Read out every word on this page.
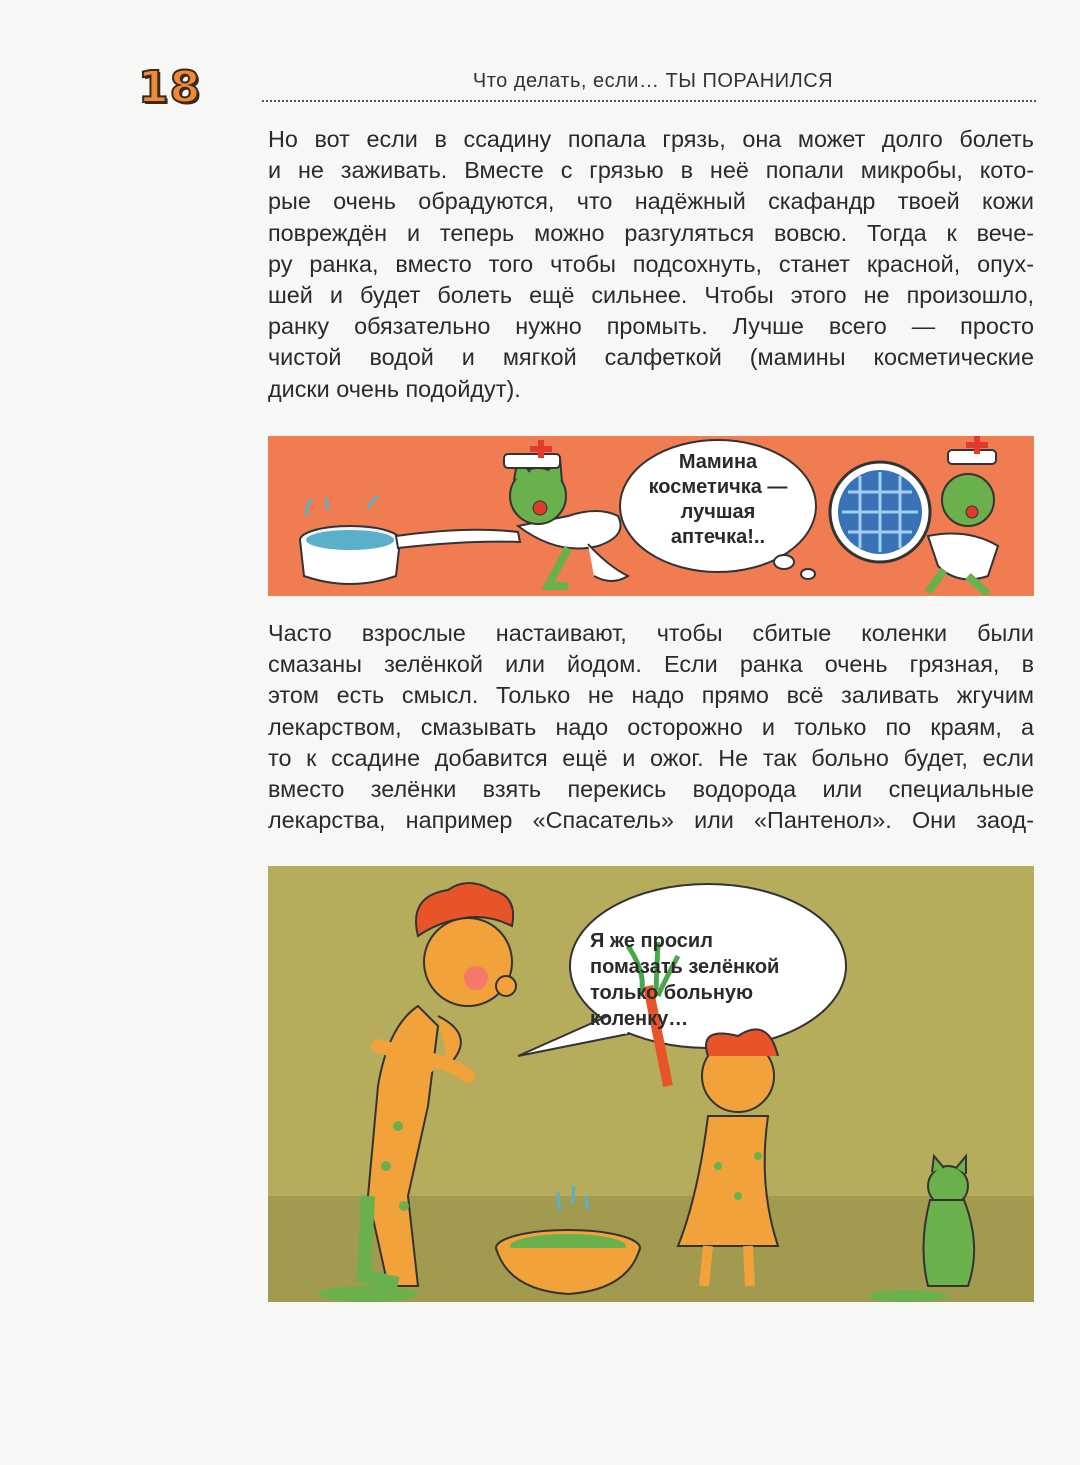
18	Что делать, если… ТЫ ПОРАНИЛСЯ
Но вот если в ссадину попала грязь, она может долго болеть
и не заживать. Вместе с грязью в неё попали микробы, кото-
рые очень обрадуются, что надёжный скафандр твоей кожи
повреждён и теперь можно разгуляться вовсю. Тогда к вече-
ру ранка, вместо того чтобы подсохнуть, станет красной, опух-
шей и будет болеть ещё сильнее. Чтобы этого не произошло,
ранку обязательно нужно промыть. Лучше всего — просто
чистой водой и мягкой салфеткой (мамины косметические
диски очень подойдут).
Мамина
косметичка —
лучшая
аптечка!..
Часто взрослые настаивают, чтобы сбитые коленки были
смазаны зелёнкой или йодом. Если ранка очень грязная, в
этом есть смысл. Только не надо прямо всё заливать жгучим
лекарством, смазывать надо осторожно и только по краям, а
то к ссадине добавится ещё и ожог. Не так больно будет, если
вместо зелёнки взять перекись водорода или специальные
лекарства, например «Спасатель» или «Пантенол». Они заод-
Я же просил
помазать зелёнкой
только больную
коленку…
